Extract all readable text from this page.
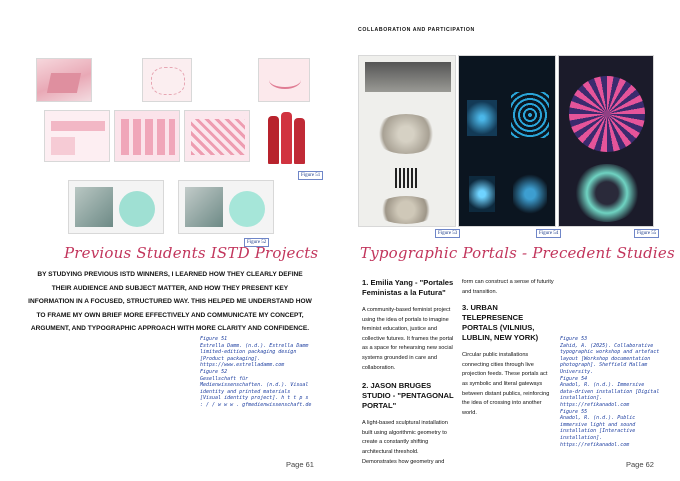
Figure 51
Figure 52
Previous Students ISTD Projects
BY STUDYING PREVIOUS ISTD WINNERS, I LEARNED HOW THEY CLEARLY DEFINE THEIR AUDIENCE AND SUBJECT MATTER, AND HOW THEY PRESENT KEY INFORMATION IN A FOCUSED, STRUCTURED WAY. THIS HELPED ME UNDERSTAND HOW TO FRAME MY OWN BRIEF MORE EFFECTIVELY AND COMMUNICATE MY CONCEPT, ARGUMENT, AND TYPOGRAPHIC APPROACH WITH MORE CLARITY AND CONFIDENCE.
Figure 51
Estrella Damm. (n.d.). Estrella Damm limited-edition packaging design [Product packaging]. https://www.estrelladamm.com
Figure 52
Gesellschaft für Medienwissenschaften. (n.d.). Visual identity and printed materials [Visual identity project]. h t t p s : / / w w w . gfmedienwissenschaft.de
Page 61
COLLABORATION AND PARTICIPATION
Figure 53	Figure 54	Figure 55
Typographic Portals - Precedent Studies
1. Emilia Yang - "Portales Feministas a la Futura"
A community-based feminist project using the idea of portals to imagine feminist education, justice and collective futures. It frames the portal as a space for rehearsing new social systems grounded in care and collaboration.
2. JASON BRUGES STUDIO - "PENTAGONAL PORTAL"
A light-based sculptural installation built using algorithmic geometry to create a constantly shifting architectural threshold. Demonstrates how geometry and
form can construct a sense of futurity and transition.
3. URBAN TELEPRESENCE PORTALS (VILNIUS, LUBLIN, NEW YORK)
Circular public installations connecting cities through live projection feeds. These portals act as symbolic and literal gateways between distant publics, reinforcing the idea of crossing into another world.
Figure 53
Zahid, A. (2025). Collaborative typographic workshop and artefact layout [Workshop documentation photograph]. Sheffield Hallam University.
Figure 54
Anadol, R. (n.d.). Immersive data-driven installation [Digital installation]. https://refikanadol.com
Figure 55
Anadol, R. (n.d.). Public immersive light and sound installation [Interactive installation]. https://refikanadol.com
Page 62
